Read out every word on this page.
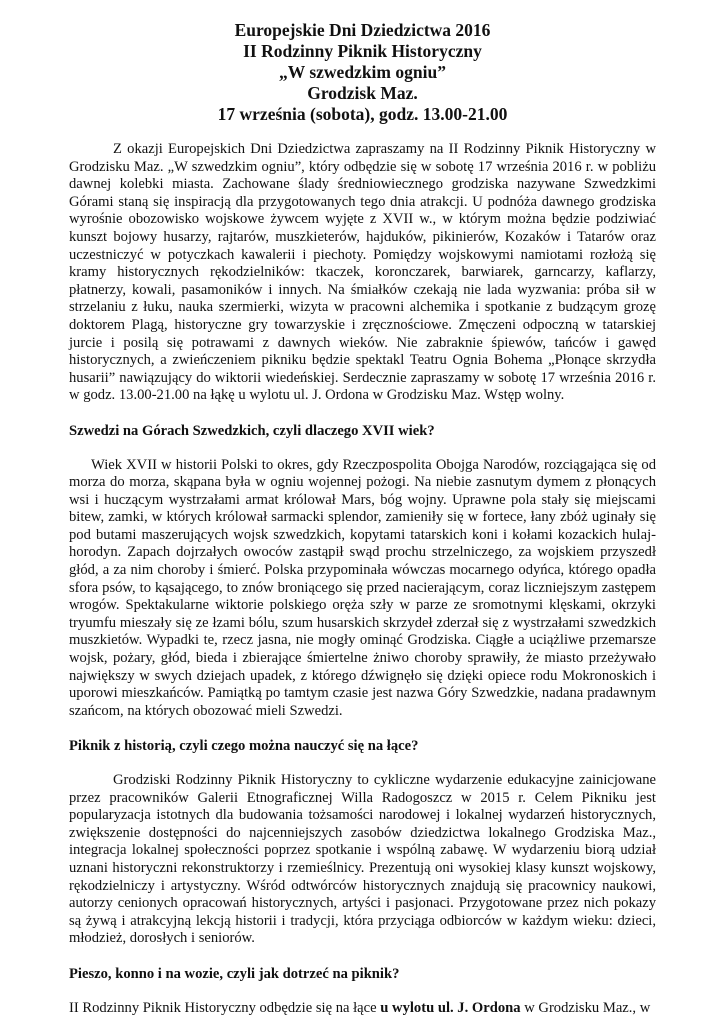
Europejskie Dni Dziedzictwa 2016
II Rodzinny Piknik Historyczny
„W szwedzkim ogniu”
Grodzisk Maz.
17 września (sobota), godz. 13.00-21.00

Z okazji Europejskich Dni Dziedzictwa zapraszamy na II Rodzinny Piknik Historyczny w Grodzisku Maz. „W szwedzkim ogniu”, który odbędzie się w sobotę 17 września 2016 r. w pobliżu dawnej kolebki miasta. Zachowane ślady średniowiecznego grodziska nazywane Szwedzkimi Górami staną się inspiracją dla przygotowanych tego dnia atrakcji. U podnóża dawnego grodziska wyrośnie obozowisko wojskowe żywcem wyjęte z XVII w., w którym można będzie podziwiać kunszt bojowy husarzy, rajtarów, muszkieterów, hajduków, pikinierów, Kozaków i Tatarów oraz uczestniczyć w potyczkach kawalerii i piechoty. Pomiędzy wojskowymi namiotami rozłożą się kramy historycznych rękodzielników: tkaczek, koronczarek, barwiarek, garncarzy, kaflarzy, płatnerzy, kowali, pasamoników i innych. Na śmiałków czekają nie lada wyzwania: próba sił w strzelaniu z łuku, nauka szermierki, wizyta w pracowni alchemika i spotkanie z budzącym grozę doktorem Plagą, historyczne gry towarzyskie i zręcznościowe. Zmęczeni odpoczną w tatarskiej jurcie i posilą się potrawami z dawnych wieków. Nie zabraknie śpiewów, tańców i gawęd historycznych, a zwieńczeniem pikniku będzie spektakl Teatru Ognia Bohema „Płonące skrzydła husarii” nawiązujący do wiktorii wiedeńskiej. Serdecznie zapraszamy w sobotę 17 września 2016 r. w godz. 13.00-21.00 na łąkę u wylotu ul. J. Ordona w Grodzisku Maz. Wstęp wolny.

Szwedzi na Górach Szwedzkich, czyli dlaczego XVII wiek?

Wiek XVII w historii Polski to okres, gdy Rzeczpospolita Obojga Narodów, rozciągająca się od morza do morza, skąpana była w ogniu wojennej pożogi. Na niebie zasnutym dymem z płonących wsi i huczącym wystrzałami armat królował Mars, bóg wojny. Uprawne pola stały się miejscami bitew, zamki, w których królował sarmacki splendor, zamieniły się w fortece, łany zbóż uginały się pod butami maszerujących wojsk szwedzkich, kopytami tatarskich koni i kołami kozackich hulaj-horodyn. Zapach dojrzałych owoców zastąpił swąd prochu strzelniczego, za wojskiem przyszedł głód, a za nim choroby i śmierć. Polska przypominała wówczas mocarnego odyńca, którego opadła sfora psów, to kąsającego, to znów broniącego się przed nacierającym, coraz liczniejszym zastępem wrogów. Spektakularne wiktorie polskiego oręża szły w parze ze sromotnymi klęskami, okrzyki tryumfu mieszały się ze łzami bólu, szum husarskich skrzydeł zderzał się z wystrzałami szwedzkich muszkietów. Wypadki te, rzecz jasna, nie mogły ominąć Grodziska. Ciągłe a uciążliwe przemarsze wojsk, pożary, głód, bieda i zbierające śmiertelne żniwo choroby sprawiły, że miasto przeżywało największy w swych dziejach upadek, z którego dźwignęło się dzięki opiece rodu Mokronoskich i uporowi mieszkańców. Pamiątką po tamtym czasie jest nazwa Góry Szwedzkie, nadana pradawnym szańcom, na których obozować mieli Szwedzi.

Piknik z historią, czyli czego można nauczyć się na łące?

Grodziski Rodzinny Piknik Historyczny to cykliczne wydarzenie edukacyjne zainicjowane przez pracowników Galerii Etnograficznej Willa Radogoszcz w 2015 r. Celem Pikniku jest popularyzacja istotnych dla budowania tożsamości narodowej i lokalnej wydarzeń historycznych, zwiększenie dostępności do najcenniejszych zasobów dziedzictwa lokalnego Grodziska Maz., integracja lokalnej społeczności poprzez spotkanie i wspólną zabawę. W wydarzeniu biorą udział uznani historyczni rekonstruktorzy i rzemieślnicy. Prezentują oni wysokiej klasy kunszt wojskowy, rękodzielniczy i artystyczny. Wśród odtwórców historycznych znajdują się pracownicy naukowi, autorzy cenionych opracowań historycznych, artyści i pasjonaci. Przygotowane przez nich pokazy są żywą i atrakcyjną lekcją historii i tradycji, która przyciąga odbiorców w każdym wieku: dzieci, młodzież, dorosłych i seniorów.

Pieszo, konno i na wozie, czyli jak dotrzeć na piknik?

II Rodzinny Piknik Historyczny odbędzie się na łące u wylotu ul. J. Ordona w Grodzisku Maz., w
